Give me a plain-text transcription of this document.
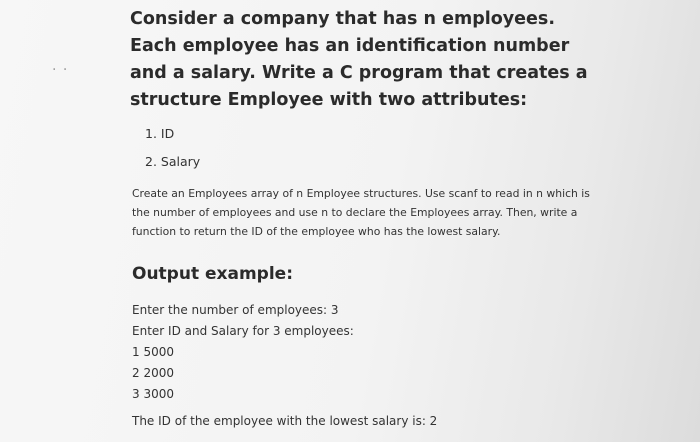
· ·

Consider a company that has n employees. Each employee has an identification number and a salary. Write a C program that creates a structure Employee with two attributes:

1. ID
2. Salary

Create an Employees array of n Employee structures. Use scanf to read in n which is the number of employees and use n to declare the Employees array. Then, write a function to return the ID of the employee who has the lowest salary.

Output example:
Enter the number of employees: 3
Enter ID and Salary for 3 employees:
1 5000
2 2000
3 3000

The ID of the employee with the lowest salary is: 2
